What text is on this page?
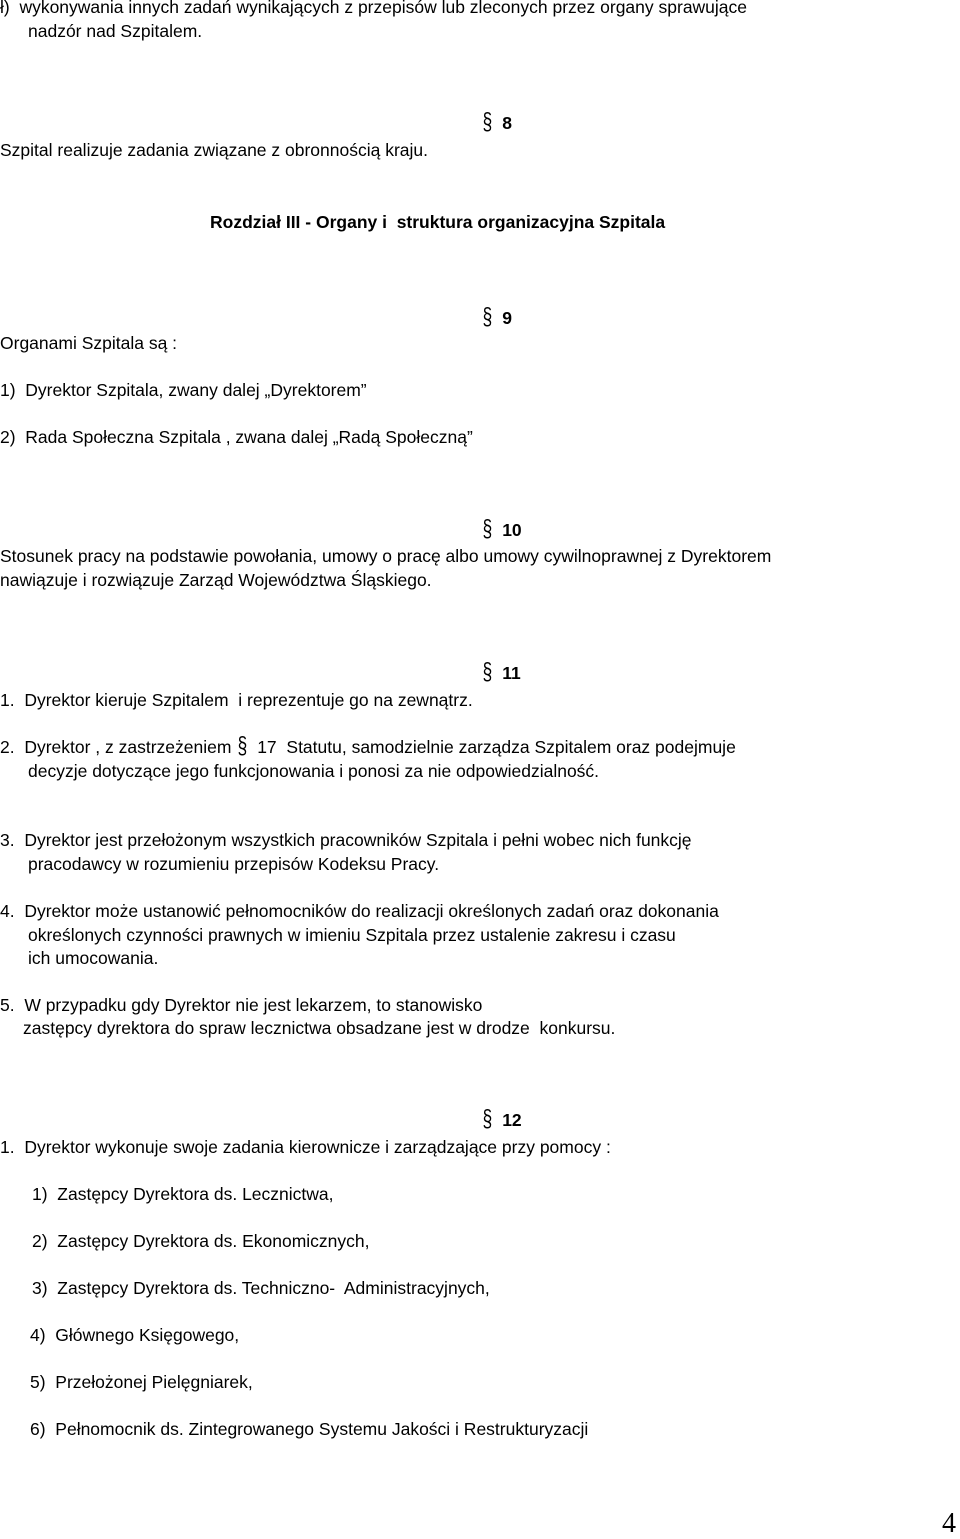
ł)  wykonywania innych zadań wynikających z przepisów lub zleconych przez organy sprawujące
nadzór nad Szpitalem.

§ 8

Szpital realizuje zadania związane z obronnością kraju.
Rozdział III - Organy i  struktura organizacyjna Szpitala

§ 9

Organami Szpitala są :
1)  Dyrektor Szpitala, zwany dalej „Dyrektorem”
2)  Rada Społeczna Szpitala , zwana dalej „Radą Społeczną”

§ 10

Stosunek pracy na podstawie powołania, umowy o pracę albo umowy cywilnoprawnej z Dyrektorem
nawiązuje i rozwiązuje Zarząd Województwa Śląskiego.

§ 11

1.  Dyrektor kieruje Szpitalem  i reprezentuje go na zewnątrz.
2.  Dyrektor , z zastrzeżeniem § 17  Statutu, samodzielnie zarządza Szpitalem oraz podejmuje
decyzje dotyczące jego funkcjonowania i ponosi za nie odpowiedzialność.
3.  Dyrektor jest przełożonym wszystkich pracowników Szpitala i pełni wobec nich funkcję
pracodawcy w rozumieniu przepisów Kodeksu Pracy.
4.  Dyrektor może ustanowić pełnomocników do realizacji określonych zadań oraz dokonania
określonych czynności prawnych w imieniu Szpitala przez ustalenie zakresu i czasu
ich umocowania.
5.  W przypadku gdy Dyrektor nie jest lekarzem, to stanowisko
zastępcy dyrektora do spraw lecznictwa obsadzane jest w drodze  konkursu.

§ 12

1.  Dyrektor wykonuje swoje zadania kierownicze i zarządzające przy pomocy :
1)  Zastępcy Dyrektora ds. Lecznictwa,
2)  Zastępcy Dyrektora ds. Ekonomicznych,
3)  Zastępcy Dyrektora ds. Techniczno-  Administracyjnych,
4)  Głównego Księgowego,
5)  Przełożonej Pielęgniarek,
6)  Pełnomocnik ds. Zintegrowanego Systemu Jakości i Restrukturyzacji
4
